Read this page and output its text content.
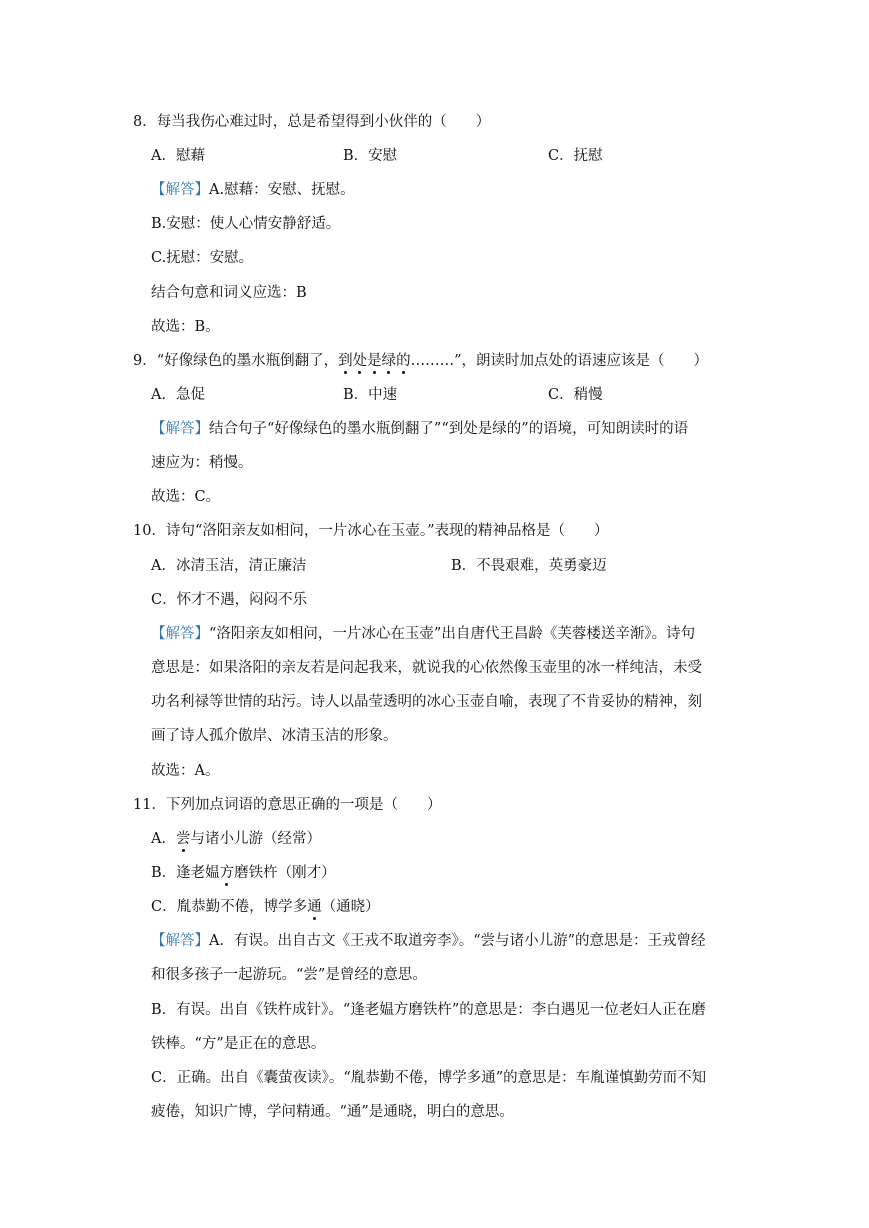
8．每当我伤心难过时，总是希望得到小伙伴的（　　）
A．慰藉	B．安慰	C．抚慰
【解答】A.慰藉：安慰、抚慰。
B.安慰：使人心情安静舒适。
C.抚慰：安慰。
结合句意和词义应选：B
故选：B。
9．“好像绿色的墨水瓶倒翻了，到处是绿的………”，朗读时加点处的语速应该是（　　）
A．急促	B．中速	C．稍慢
【解答】结合句子“好像绿色的墨水瓶倒翻了”“到处是绿的”的语境，可知朗读时的语
速应为：稍慢。
故选：C。
10．诗句“洛阳亲友如相问，一片冰心在玉壶。”表现的精神品格是（　　）
A．冰清玉洁，清正廉洁	B．不畏艰难，英勇豪迈
C．怀才不遇，闷闷不乐
【解答】“洛阳亲友如相问，一片冰心在玉壶”出自唐代王昌龄《芙蓉楼送辛渐》。诗句
意思是：如果洛阳的亲友若是问起我来，就说我的心依然像玉壶里的冰一样纯洁，未受
功名利禄等世情的玷污。诗人以晶莹透明的冰心玉壶自喻，表现了不肯妥协的精神，刻
画了诗人孤介傲岸、冰清玉洁的形象。
故选：A。
11．下列加点词语的意思正确的一项是（　　）
A．尝与诸小儿游（经常）
B．逢老媪方磨铁杵（刚才）
C．胤恭勤不倦，博学多通（通晓）
【解答】A．有误。出自古文《王戎不取道旁李》。“尝与诸小儿游”的意思是：王戎曾经
和很多孩子一起游玩。“尝”是曾经的意思。
B．有误。出自《铁杵成针》。“逢老媪方磨铁杵”的意思是：李白遇见一位老妇人正在磨
铁棒。“方”是正在的意思。
C．正确。出自《囊萤夜读》。“胤恭勤不倦，博学多通”的意思是：车胤谨慎勤劳而不知
疲倦，知识广博，学问精通。“通”是通晓，明白的意思。
